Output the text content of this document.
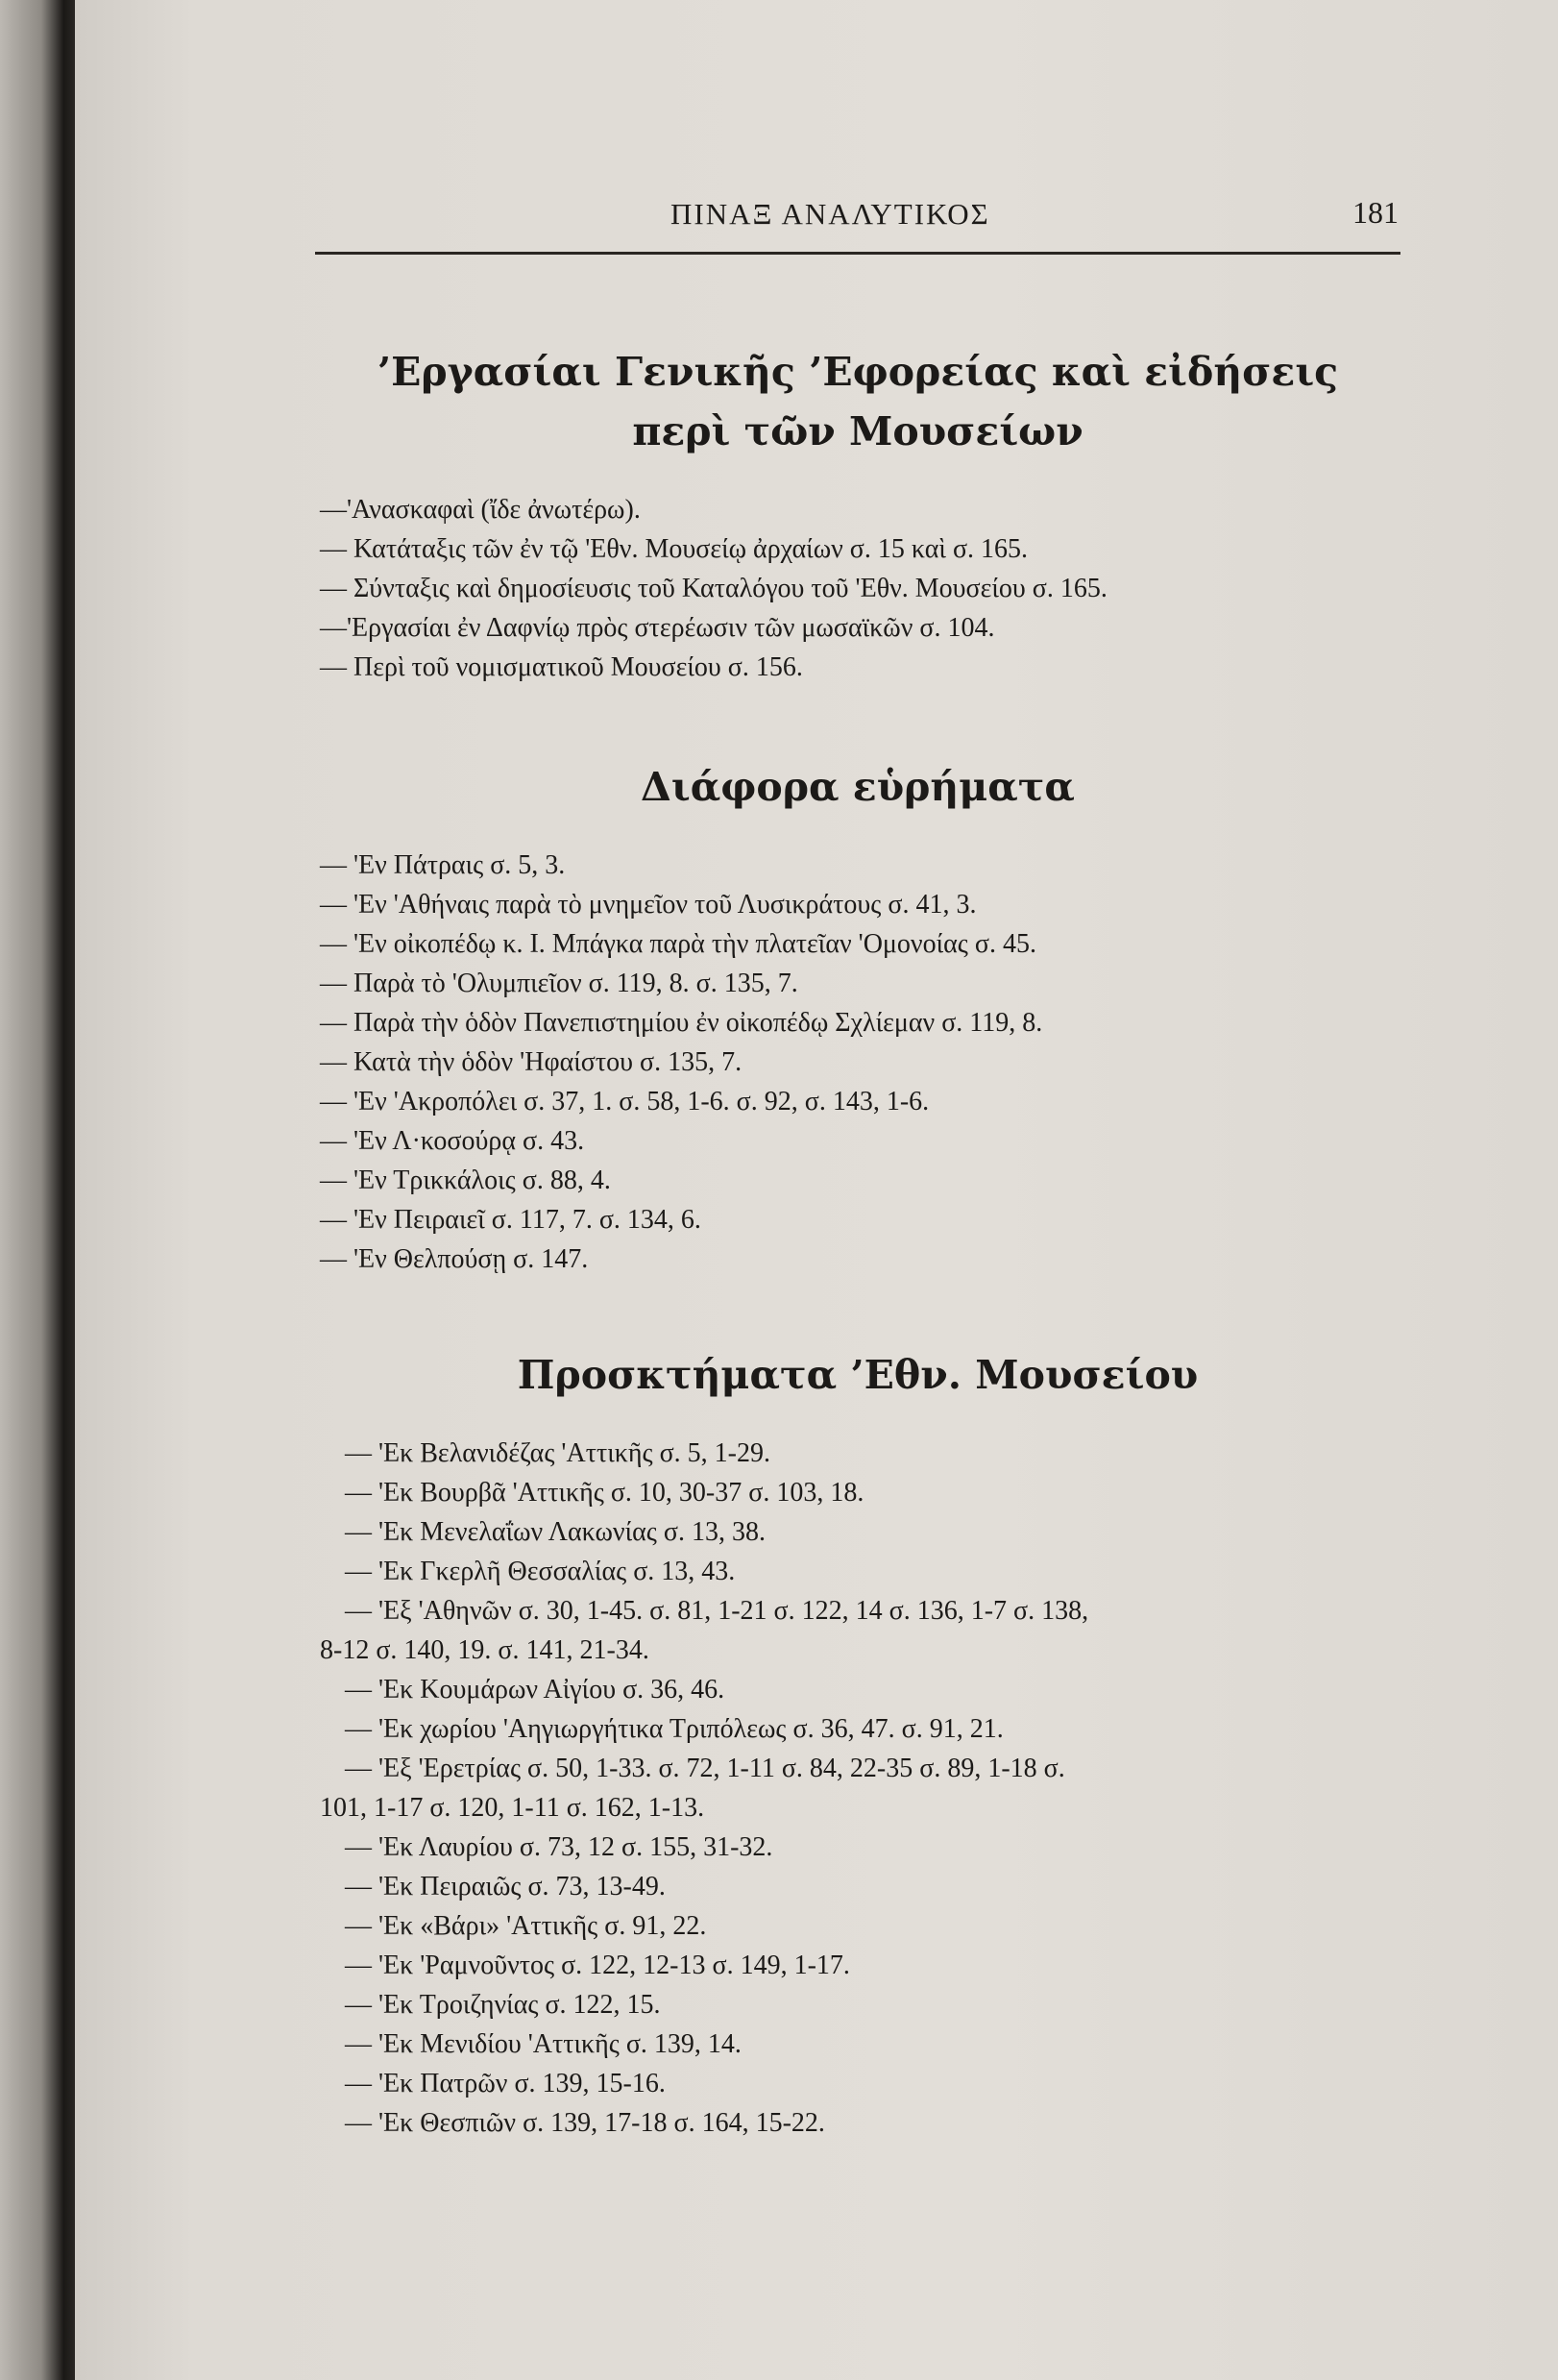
ΠΙΝΑΞ ΑΝΑΛΥΤΙΚΟΣ	181
’Εργασίαι Γενικῆς ’Εφορείας καὶ εἰδήσεις
περὶ τῶν Μουσείων
—'Ανασκαφαὶ (ἴδε ἀνωτέρω).
— Κατάταξις τῶν ἐν τῷ 'Εθν. Μουσείῳ ἀρχαίων σ. 15 καὶ σ. 165.
— Σύνταξις καὶ δημοσίευσις τοῦ Καταλόγου τοῦ 'Εθν. Μουσείου σ. 165.
—'Εργασίαι ἐν Δαφνίῳ πρὸς στερέωσιν τῶν μωσαϊκῶν σ. 104.
— Περὶ τοῦ νομισματικοῦ Μουσείου σ. 156.
Διάφορα εὑρήματα
— 'Εν Πάτραις σ. 5, 3.
— 'Εν 'Αθήναις παρὰ τὸ μνημεῖον τοῦ Λυσικράτους σ. 41, 3.
— 'Εν οἰκοπέδῳ κ. Ι. Μπάγκα παρὰ τὴν πλατεῖαν 'Ομονοίας σ. 45.
— Παρὰ τὸ 'Ολυμπιεῖον σ. 119, 8. σ. 135, 7.
— Παρὰ τὴν ὁδὸν Πανεπιστημίου ἐν οἰκοπέδῳ Σχλίεμαν σ. 119, 8.
— Κατὰ τὴν ὁδὸν 'Ηφαίστου σ. 135, 7.
— 'Εν 'Ακροπόλει σ. 37, 1. σ. 58, 1-6. σ. 92, σ. 143, 1-6.
— 'Εν Λ·κοσούρᾳ σ. 43.
— 'Εν Τρικκάλοις σ. 88, 4.
— 'Εν Πειραιεῖ σ. 117, 7. σ. 134, 6.
— 'Εν Θελπούσῃ σ. 147.
Προσκτήματα ’Εθν. Μουσείου
— 'Εκ Βελανιδέζας 'Αττικῆς σ. 5, 1-29.
— 'Εκ Βουρβᾶ 'Αττικῆς σ. 10, 30-37 σ. 103, 18.
— 'Εκ Μενελαΐων Λακωνίας σ. 13, 38.
— 'Εκ Γκερλῆ Θεσσαλίας σ. 13, 43.
— 'Εξ 'Αθηνῶν σ. 30, 1-45. σ. 81, 1-21 σ. 122, 14 σ. 136, 1-7 σ. 138,
8-12 σ. 140, 19. σ. 141, 21-34.
— 'Εκ Κουμάρων Αἰγίου σ. 36, 46.
— 'Εκ χωρίου 'Αηγιωργήτικα Τριπόλεως σ. 36, 47. σ. 91, 21.
— 'Εξ 'Ερετρίας σ. 50, 1-33. σ. 72, 1-11 σ. 84, 22-35 σ. 89, 1-18 σ.
101, 1-17 σ. 120, 1-11 σ. 162, 1-13.
— 'Εκ Λαυρίου σ. 73, 12 σ. 155, 31-32.
— 'Εκ Πειραιῶς σ. 73, 13-49.
— 'Εκ «Βάρι» 'Αττικῆς σ. 91, 22.
— 'Εκ 'Ραμνοῦντος σ. 122, 12-13 σ. 149, 1-17.
— 'Εκ Τροιζηνίας σ. 122, 15.
— 'Εκ Μενιδίου 'Αττικῆς σ. 139, 14.
— 'Εκ Πατρῶν σ. 139, 15-16.
— 'Εκ Θεσπιῶν σ. 139, 17-18 σ. 164, 15-22.
